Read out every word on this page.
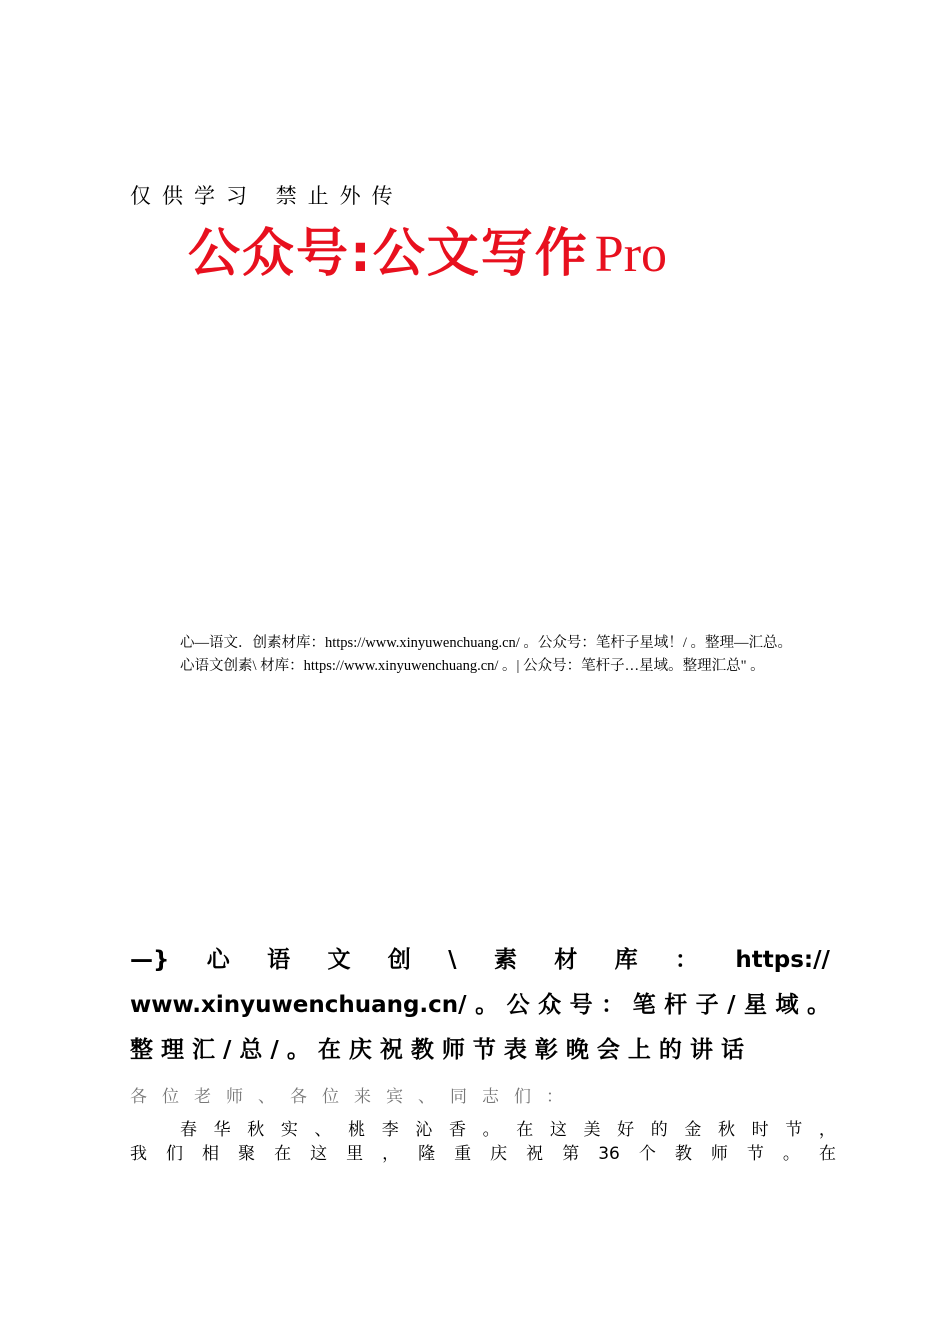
仅供学习 禁止外传
公众号:公文写作 Pro

心—语文．创素材库：https://www.xinyuwenchuang.cn/ 。公众号：笔杆子星域！/ 。整理—汇总。

心语文创素\ 材库：https://www.xinyuwenchuang.cn/ 。| 公众号：笔杆子…星域。整理汇总" 。

—} 心 语 文 创 \ 素 材 库 ： https://
www.xinyuwenchuang.cn/ 。 公 众 号 ： 笔 杆 子 / 星 域 。
整 理 汇 / 总 / 。 在 庆 祝 教 师 节 表 彰 晚 会 上 的 讲 话
各位老师、各位来宾、同志们：
春 华 秋 实 、 桃 李 沁 香 。 在 这 美 好 的 金 秋 时 节 ，
我 们 相 聚 在 这 里 ， 隆 重 庆 祝 第 36 个 教 师 节 。 在
